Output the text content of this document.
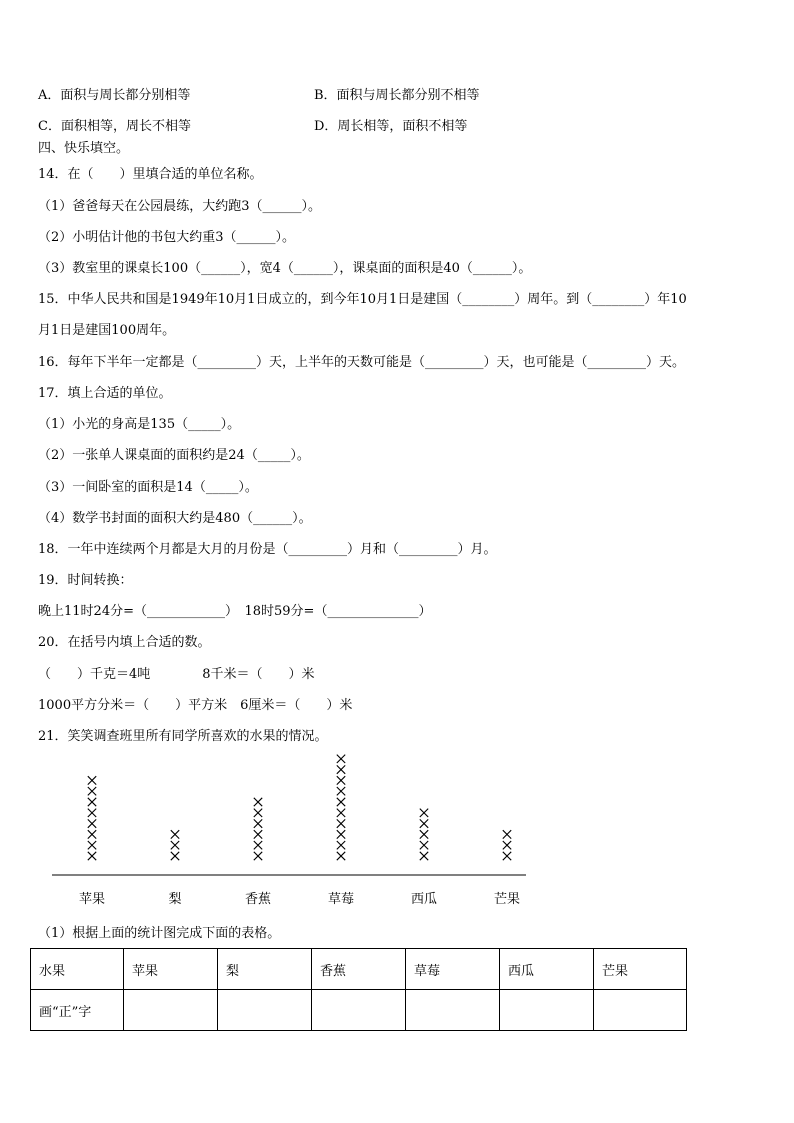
A．面积与周长都分别相等	B．面积与周长都分别不相等
C．面积相等，周长不相等	D．周长相等，面积不相等
四、快乐填空。
14．在（　　）里填合适的单位名称。
（1）爸爸每天在公园晨练，大约跑3（______）。
（2）小明估计他的书包大约重3（______）。
（3）教室里的课桌长100（______），宽4（______），课桌面的面积是40（______）。
15．中华人民共和国是1949年10月1日成立的，到今年10月1日是建国（________）周年。到（________）年10
月1日是建国100周年。
16．每年下半年一定都是（_________）天，上半年的天数可能是（_________）天，也可能是（_________）天。
17．填上合适的单位。
（1）小光的身高是135（_____）。
（2）一张单人课桌面的面积约是24（_____）。
（3）一间卧室的面积是14（_____）。
（4）数学书封面的面积大约是480（______）。
18．一年中连续两个月都是大月的月份是（_________）月和（_________）月。
19．时间转换：
晚上11时24分=（____________）　18时59分=（______________）
20．在括号内填上合适的数。
（　　）千克＝4吨　　　　8千米＝（　　）米
1000平方分米＝（　　）平方米　6厘米＝（　　）米
21．笑笑调查班里所有同学所喜欢的水果的情况。
苹果	梨	香蕉	草莓	西瓜	芒果
（1）根据上面的统计图完成下面的表格。
水果	苹果	梨	香蕉	草莓	西瓜	芒果
画“正”字						
